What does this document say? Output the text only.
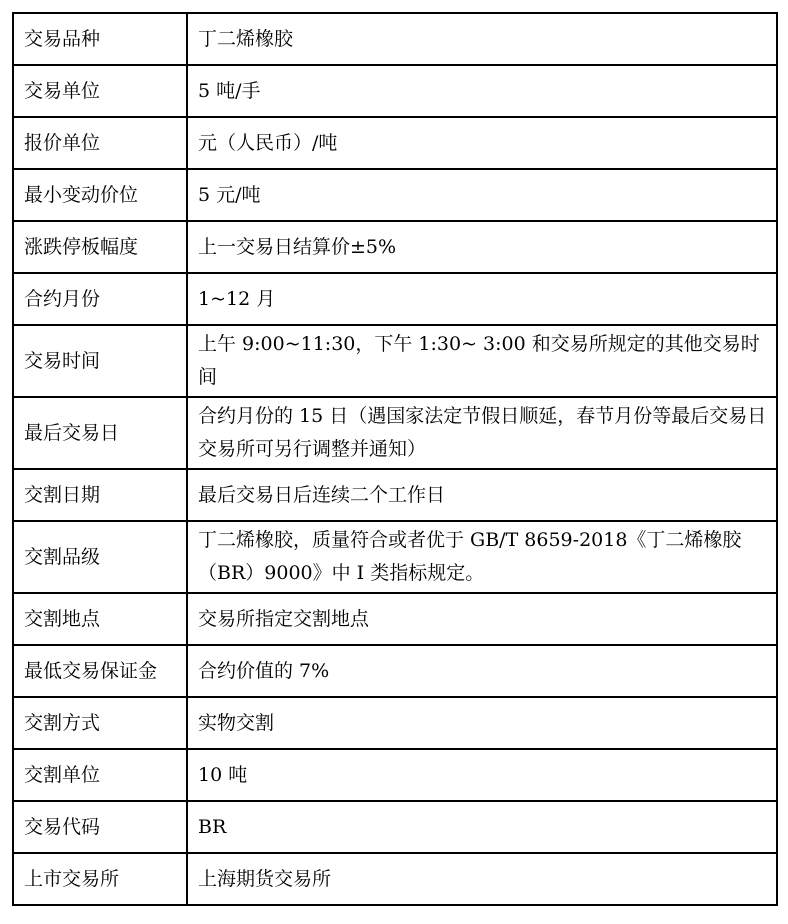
交易品种	丁二烯橡胶
交易单位	5 吨/手
报价单位	元（人民币）/吨
最小变动价位	5 元/吨
涨跌停板幅度	上一交易日结算价±5%
合约月份	1~12 月
交易时间	上午 9:00~11:30，下午 1:30~ 3:00 和交易所规定的其他交易时间
最后交易日	合约月份的 15 日（遇国家法定节假日顺延，春节月份等最后交易日交易所可另行调整并通知）
交割日期	最后交易日后连续二个工作日
交割品级	丁二烯橡胶，质量符合或者优于 GB/T 8659-2018《丁二烯橡胶（BR）9000》中 I 类指标规定。
交割地点	交易所指定交割地点
最低交易保证金	合约价值的 7%
交割方式	实物交割
交割单位	10 吨
交易代码	BR
上市交易所	上海期货交易所
